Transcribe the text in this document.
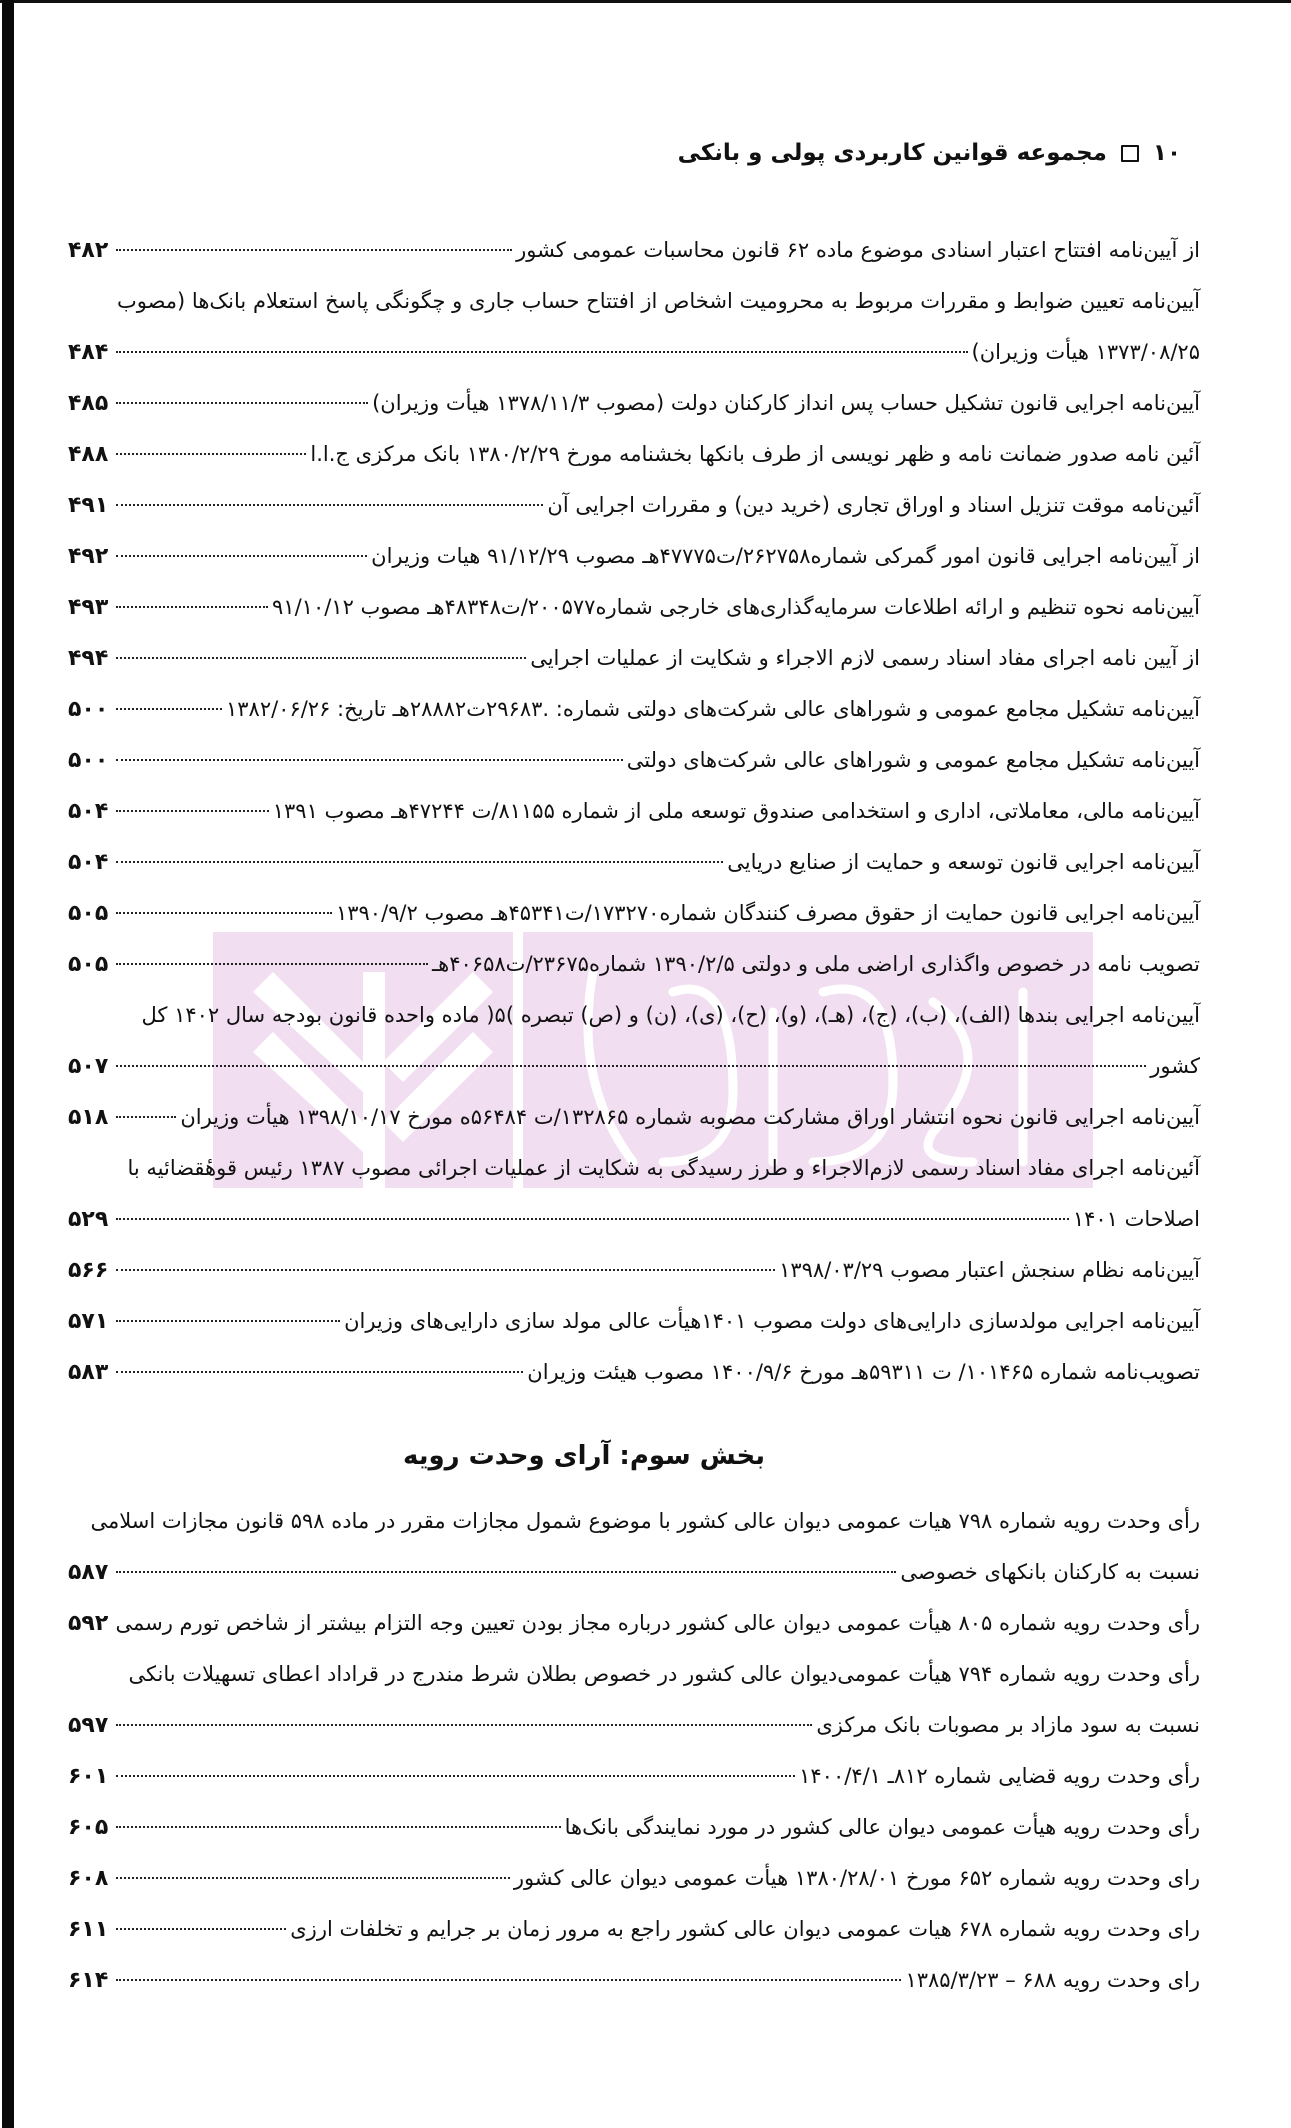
۱۰
مجموعه قوانین کاربردی پولی و بانکی
از آیین‌نامه افتتاح اعتبار اسنادی موضوع ماده ۶۲ قانون محاسبات عمومی کشور
۴۸۲
آیین‌نامه تعیین ضوابط و مقررات مربوط به محرومیت اشخاص از افتتاح حساب جاری و چگونگی پاسخ استعلام بانک‌ها (مصوب
۱۳۷۳/۰۸/۲۵ هیأت وزیران)
۴۸۴
آیین‌نامه اجرایی قانون تشکیل حساب پس انداز کارکنان دولت (مصوب ۱۳۷۸/۱۱/۳ هیأت وزیران)
۴۸۵
آئین نامه صدور ضمانت نامه و ظهر نویسی از طرف بانکها بخشنامه مورخ ۱۳۸۰/۲/۲۹ بانک مرکزی ج.ا.ا
۴۸۸
آئین‌نامه موقت تنزیل اسناد و اوراق تجاری (خرید دین) و مقررات اجرایی آن
۴۹۱
از آیین‌نامه اجرایی قانون امور گمرکی شماره۲۶۲۷۵۸/ت۴۷۷۷۵هـ مصوب ۹۱/۱۲/۲۹ هیات وزیران
۴۹۲
آیین‌نامه نحوه تنظیم و ارائه اطلاعات سرمایه‌گذاری‌های خارجی شماره۲۰۰۵۷۷/ت۴۸۳۴۸هـ مصوب ۹۱/۱۰/۱۲
۴۹۳
از آیین نامه اجرای مفاد اسناد رسمی لازم الاجراء و شکایت از عملیات اجرایی
۴۹۴
آیین‌نامه تشکیل مجامع عمومی و شوراهای عالی شرکت‌های دولتی شماره: .۲۹۶۸۳ت۲۸۸۸۲هـ تاریخ: ۱۳۸۲/۰۶/۲۶
۵۰۰
آیین‌نامه تشکیل مجامع عمومی و شوراهای عالی شرکت‌های دولتی
۵۰۰
آیین‌نامه مالی، معاملاتی، اداری و استخدامی صندوق توسعه ملی از شماره ۸۱۱۵۵/ت ۴۷۲۴۴هـ مصوب ۱۳۹۱
۵۰۴
آیین‌نامه اجرایی قانون توسعه و حمایت از صنایع دریایی
۵۰۴
آیین‌نامه اجرایی قانون حمایت از حقوق مصرف کنندگان شماره۱۷۳۲۷۰/ت۴۵۳۴۱هـ مصوب ۱۳۹۰/۹/۲
۵۰۵
تصویب نامه در خصوص واگذاری اراضی ملی و دولتی ۱۳۹۰/۲/۵ شماره۲۳۶۷۵/ت۴۰۶۵۸هـ
۵۰۵
آیین‌نامه اجرایی بندها (الف)، (ب)، (ج)، (هـ)، (و)، (ح)، (ی)، (ن) و (ص) تبصره )۵( ماده واحده قانون بودجه سال ۱۴۰۲ کل
کشور
۵۰۷
آیین‌نامه اجرایی قانون نحوه انتشار اوراق مشارکت مصوبه شماره ۱۳۲۸۶۵/ت ۵۶۴۸۴ه مورخ ۱۳۹۸/۱۰/۱۷ هیأت وزیران
۵۱۸
آئین‌نامه اجرای مفاد اسناد رسمی لازم‌الاجراء و طرز رسیدگی به شکایت از عملیات اجرائی مصوب ۱۳۸۷ رئیس قوهٔقضائیه با
اصلاحات ۱۴۰۱
۵۲۹
آیین‌نامه نظام سنجش اعتبار مصوب ۱۳۹۸/۰۳/۲۹
۵۶۶
آیین‌نامه اجرایی مولدسازی دارایی‌های دولت مصوب ۱۴۰۱هیأت عالی مولد سازی دارایی‌های وزیران
۵۷۱
تصویب‌نامه شماره ۱۰۱۴۶۵/ ت ۵۹۳۱۱هـ مورخ ۱۴۰۰/۹/۶ مصوب هیئت وزیران
۵۸۳
بخش سوم: آرای وحدت رویه
رأی وحدت رویه شماره ۷۹۸ هیات عمومی دیوان عالی کشور با موضوع شمول مجازات مقرر در ماده ۵۹۸ قانون مجازات اسلامی
نسبت به کارکنان بانکهای خصوصی
۵۸۷
رأی وحدت رویه شماره ۸۰۵ هیأت عمومی دیوان عالی کشور درباره مجاز بودن تعیین وجه التزام بیشتر از شاخص تورم رسمی
۵۹۲
رأی وحدت رویه شماره ۷۹۴ هیأت عمومی‌دیوان عالی کشور در خصوص بطلان شرط مندرج در قراداد اعطای تسهیلات بانکی
نسبت به سود مازاد بر مصوبات بانک مرکزی
۵۹۷
رأی وحدت رویه قضایی شماره ۸۱۲ـ ۱۴۰۰/۴/۱
۶۰۱
رأی وحدت رویه هیأت عمومی دیوان عالی کشور در مورد نمایندگی بانک‌ها
۶۰۵
رای وحدت رویه شماره ۶۵۲ مورخ ۱۳۸۰/۲۸/۰۱ هیأت عمومی دیوان عالی کشور
۶۰۸
رای وحدت رویه شماره ۶۷۸ هیات عمومی دیوان عالی کشور راجع به مرور زمان بر جرایم و تخلفات ارزی
۶۱۱
رای وحدت رویه ۶۸۸ – ۱۳۸۵/۳/۲۳
۶۱۴
